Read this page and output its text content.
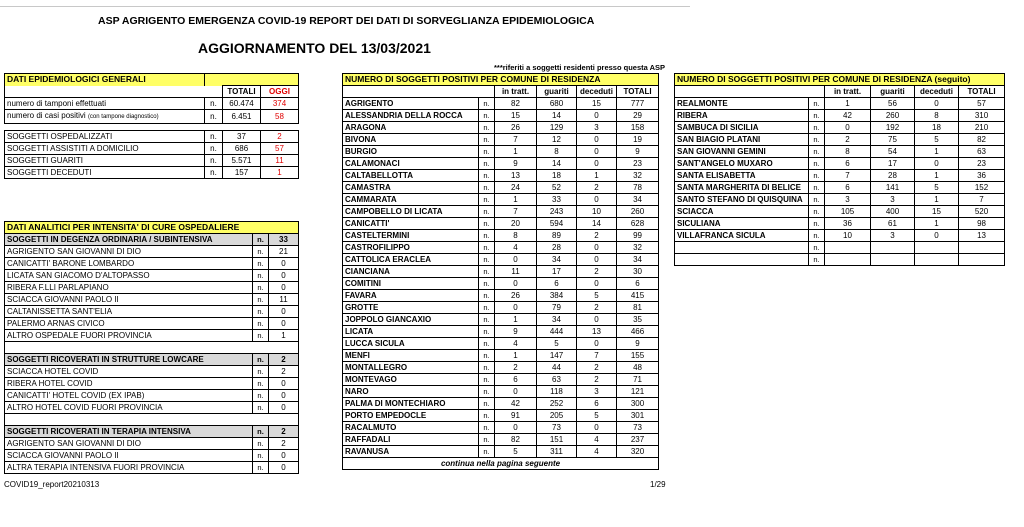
ASP AGRIGENTO EMERGENZA COVID-19 REPORT DEI DATI DI SORVEGLIANZA EPIDEMIOLOGICA
AGGIORNAMENTO DEL 13/03/2021
***riferiti a soggetti residenti presso questa ASP
DATI EPIDEMIOLOGICI GENERALI			
		TOTALI	OGGI
numero di tamponi effettuati	n.	60.474	374
numero di casi positivi (con tampone diagnostico)	n.	6.451	58

SOGGETTI OSPEDALIZZATI	n.	37	2
SOGGETTI ASSISTITI A DOMICILIO	n.	686	57
SOGGETTI GUARITI	n.	5.571	11
SOGGETTI DECEDUTI	n.	157	1
DATI ANALITICI PER INTENSITA' DI CURE OSPEDALIERE		
SOGGETTI IN DEGENZA ORDINARIA / SUBINTENSIVA	n.	33
AGRIGENTO SAN GIOVANNI DI DIO	n.	21
CANICATTI' BARONE LOMBARDO	n.	0
LICATA SAN GIACOMO D'ALTOPASSO	n.	0
RIBERA F.LLI PARLAPIANO	n.	0
SCIACCA GIOVANNI PAOLO II	n.	11
CALTANISSETTA SANT'ELIA	n.	0
PALERMO ARNAS CIVICO	n.	0
ALTRO OSPEDALE FUORI PROVINCIA	n.	1

SOGGETTI RICOVERATI IN STRUTTURE LOWCARE	n.	2
SCIACCA HOTEL COVID	n.	2
RIBERA HOTEL COVID	n.	0
CANICATTI' HOTEL COVID (EX IPAB)	n.	0
ALTRO HOTEL COVID FUORI PROVINCIA	n.	0

SOGGETTI RICOVERATI IN TERAPIA INTENSIVA	n.	2
AGRIGENTO SAN GIOVANNI DI DIO	n.	2
SCIACCA GIOVANNI PAOLO II	n.	0
ALTRA TERAPIA INTENSIVA FUORI PROVINCIA	n.	0
NUMERO DI SOGGETTI POSITIVI PER COMUNE DI RESIDENZA					
		in tratt.	guariti	deceduti	TOTALI
AGRIGENTO	n.	82	680	15	777
ALESSANDRIA DELLA ROCCA	n.	15	14	0	29
ARAGONA	n.	26	129	3	158
BIVONA	n.	7	12	0	19
BURGIO	n.	1	8	0	9
CALAMONACI	n.	9	14	0	23
CALTABELLOTTA	n.	13	18	1	32
CAMASTRA	n.	24	52	2	78
CAMMARATA	n.	1	33	0	34
CAMPOBELLO DI LICATA	n.	7	243	10	260
CANICATTI'	n.	20	594	14	628
CASTELTERMINI	n.	8	89	2	99
CASTROFILIPPO	n.	4	28	0	32
CATTOLICA ERACLEA	n.	0	34	0	34
CIANCIANA	n.	11	17	2	30
COMITINI	n.	0	6	0	6
FAVARA	n.	26	384	5	415
GROTTE	n.	0	79	2	81
JOPPOLO GIANCAXIO	n.	1	34	0	35
LICATA	n.	9	444	13	466
LUCCA SICULA	n.	4	5	0	9
MENFI	n.	1	147	7	155
MONTALLEGRO	n.	2	44	2	48
MONTEVAGO	n.	6	63	2	71
NARO	n.	0	118	3	121
PALMA DI MONTECHIARO	n.	42	252	6	300
PORTO EMPEDOCLE	n.	91	205	5	301
RACALMUTO	n.	0	73	0	73
RAFFADALI	n.	82	151	4	237
RAVANUSA	n.	5	311	4	320
continua nella pagina seguente					
NUMERO DI SOGGETTI POSITIVI PER COMUNE DI RESIDENZA (seguito)					
		in tratt.	guariti	deceduti	TOTALI
REALMONTE	n.	1	56	0	57
RIBERA	n.	42	260	8	310
SAMBUCA DI SICILIA	n.	0	192	18	210
SAN BIAGIO PLATANI	n.	2	75	5	82
SAN GIOVANNI GEMINI	n.	8	54	1	63
SANT'ANGELO MUXARO	n.	6	17	0	23
SANTA ELISABETTA	n.	7	28	1	36
SANTA MARGHERITA DI BELICE	n.	6	141	5	152
SANTO STEFANO DI QUISQUINA	n.	3	3	1	7
SCIACCA	n.	105	400	15	520
SICULIANA	n.	36	61	1	98
VILLAFRANCA SICULA	n.	10	3	0	13
	n.				
	n.				
COVID19_report20210313	1/29
